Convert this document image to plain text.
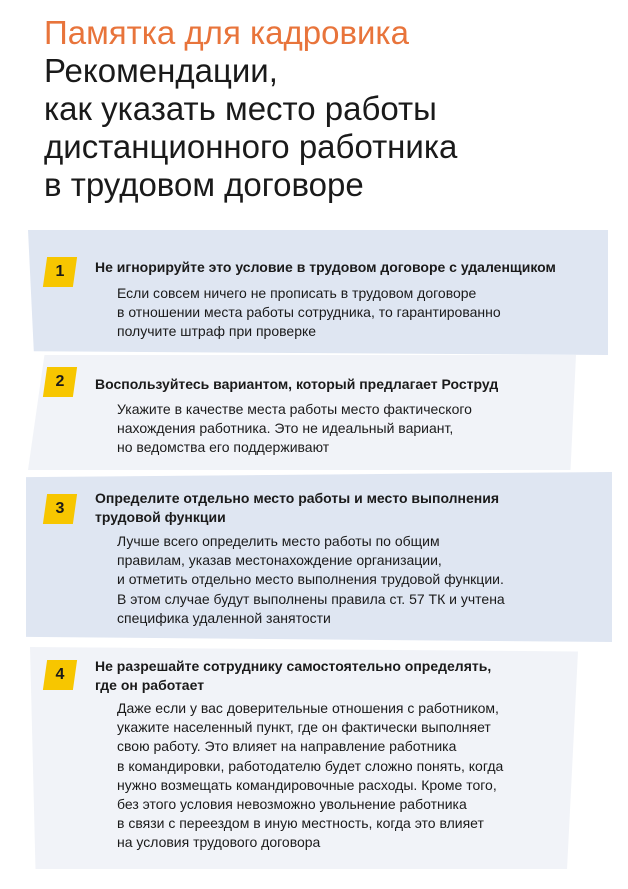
Памятка для кадровика
Рекомендации,
как указать место работы
дистанционного работника
в трудовом договоре
1	Не игнорируйте это условие в трудовом договоре с удаленщиком

Если совсем ничего не прописать в трудовом договоре
в отношении места работы сотрудника, то гарантированно
получите штраф при проверке

2	Воспользуйтесь вариантом, который предлагает Роструд

Укажите в качестве места работы место фактического
нахождения работника. Это не идеальный вариант,
но ведомства его поддерживают

3

Определите отдельно место работы и место выполнения
трудовой функции

Лучше всего определить место работы по общим
правилам, указав местонахождение организации,
и отметить отдельно место выполнения трудовой функции.
В этом случае будут выполнены правила ст. 57 ТК и учтена
специфика удаленной занятости

4	Не разрешайте сотруднику самостоятельно определять,
где он работает

Даже если у вас доверительные отношения с работником,
укажите населенный пункт, где он фактически выполняет
свою работу. Это влияет на направление работника
в командировки, работодателю будет сложно понять, когда
нужно возмещать командировочные расходы. Кроме того,
без этого условия невозможно увольнение работника
в связи с переездом в иную местность, когда это влияет
на условия трудового договора
